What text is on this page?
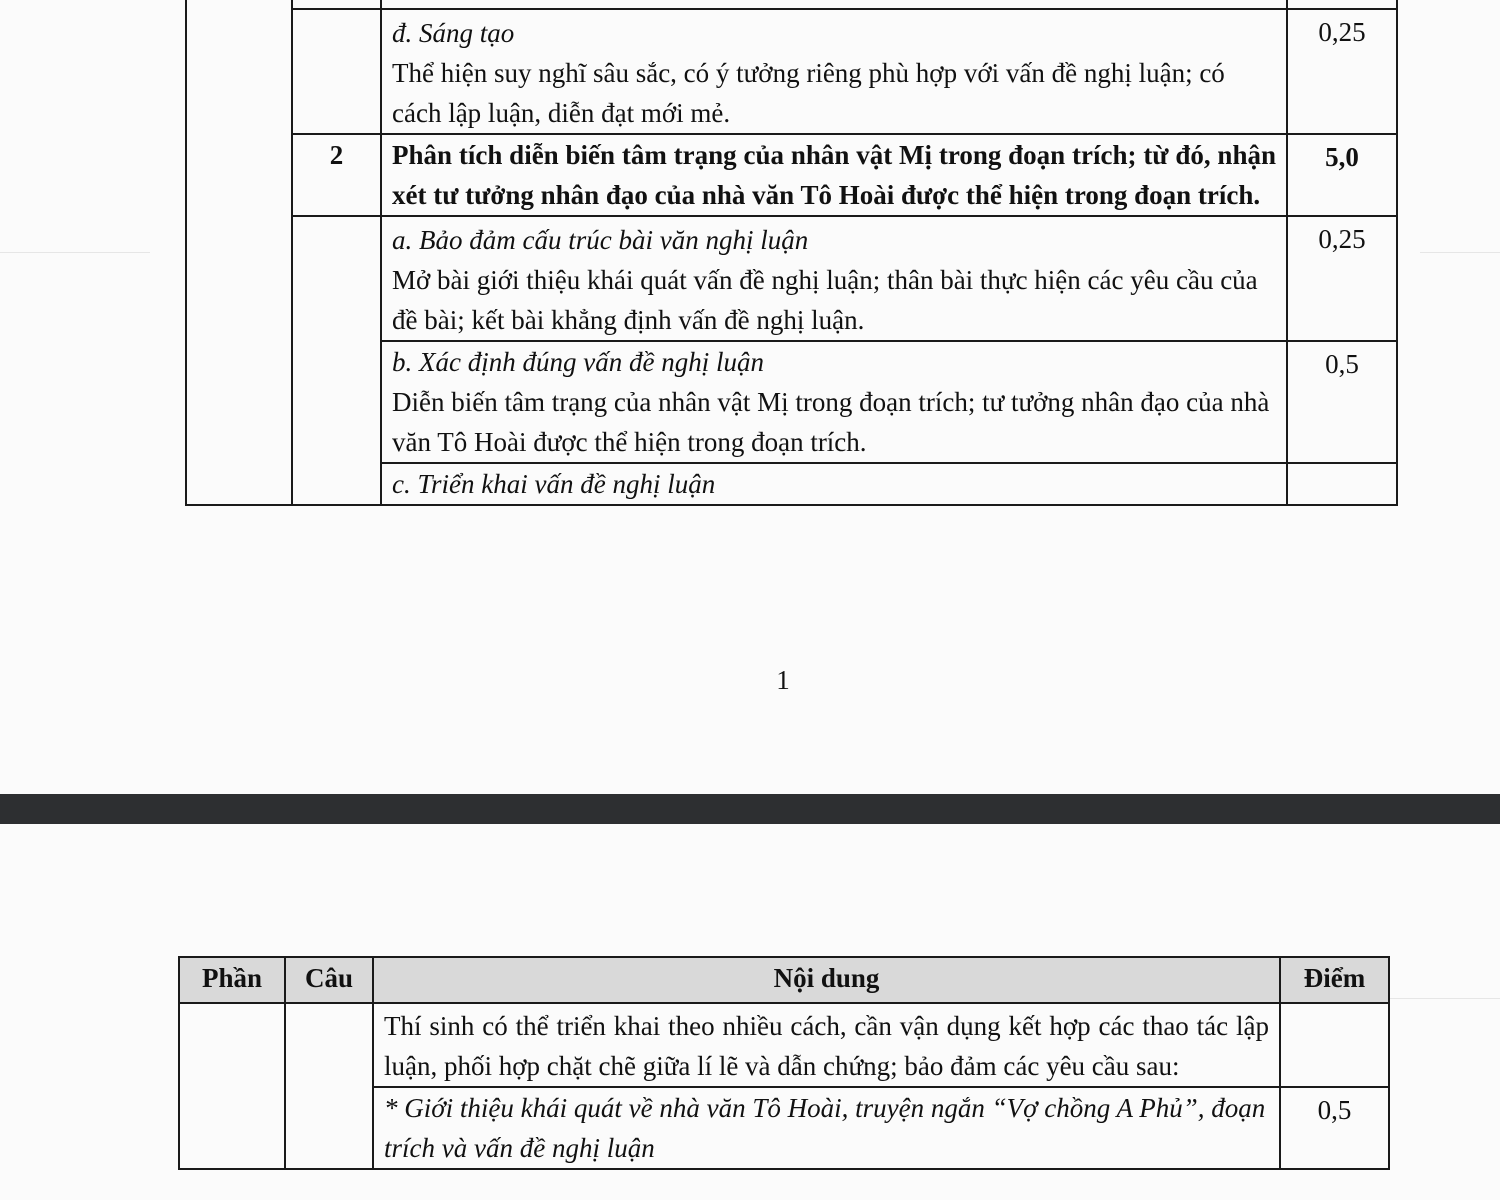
		đ. Sáng tạo
Thể hiện suy nghĩ sâu sắc, có ý tưởng riêng phù hợp với vấn đề nghị luận; có cách lập luận, diễn đạt mới mẻ.	0,25
	2	Phân tích diễn biến tâm trạng của nhân vật Mị trong đoạn trích; từ đó, nhận xét tư tưởng nhân đạo của nhà văn Tô Hoài được thể hiện trong đoạn trích.	5,0

		a. Bảo đảm cấu trúc bài văn nghị luận
Mở bài giới thiệu khái quát vấn đề nghị luận; thân bài thực hiện các yêu cầu của đề bài; kết bài khẳng định vấn đề nghị luận.	0,25

		b. Xác định đúng vấn đề nghị luận
Diễn biến tâm trạng của nhân vật Mị trong đoạn trích; tư tưởng nhân đạo của nhà văn Tô Hoài được thể hiện trong đoạn trích.	0,5

		c. Triển khai vấn đề nghị luận	

1
Phần	Câu	Nội dung	Điểm

		Thí sinh có thể triển khai theo nhiều cách, cần vận dụng kết hợp các thao tác lập luận, phối hợp chặt chẽ giữa lí lẽ và dẫn chứng; bảo đảm các yêu cầu sau:	

		* Giới thiệu khái quát về nhà văn Tô Hoài, truyện ngắn “Vợ chồng A Phủ”, đoạn trích và vấn đề nghị luận	0,5
